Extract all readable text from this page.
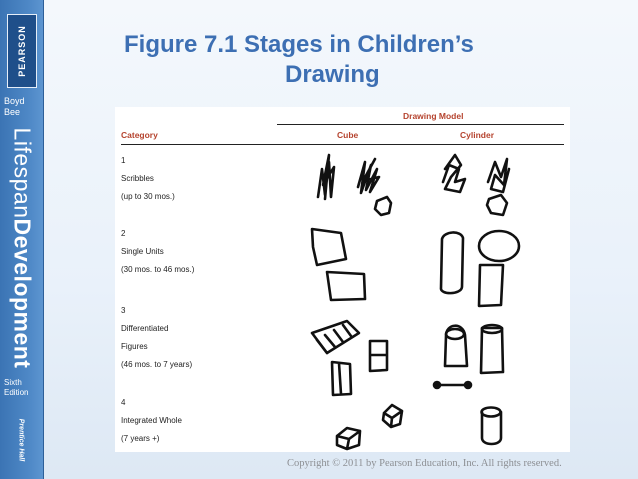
PEARSON
Boyd
Bee
LifespanDevelopment
Sixth
Edition
Prentice Hall
Figure 7.1 Stages in Children’s
Drawing
Drawing Model
Category	Cube	Cylinder
1
Scribbles
(up to 30 mos.)
2
Single Units
(30 mos. to 46 mos.)
3
Differentiated
Figures
(46 mos. to 7 years)
4
Integrated Whole
(7 years +)
Copyright © 2011 by Pearson Education, Inc. All rights reserved.
